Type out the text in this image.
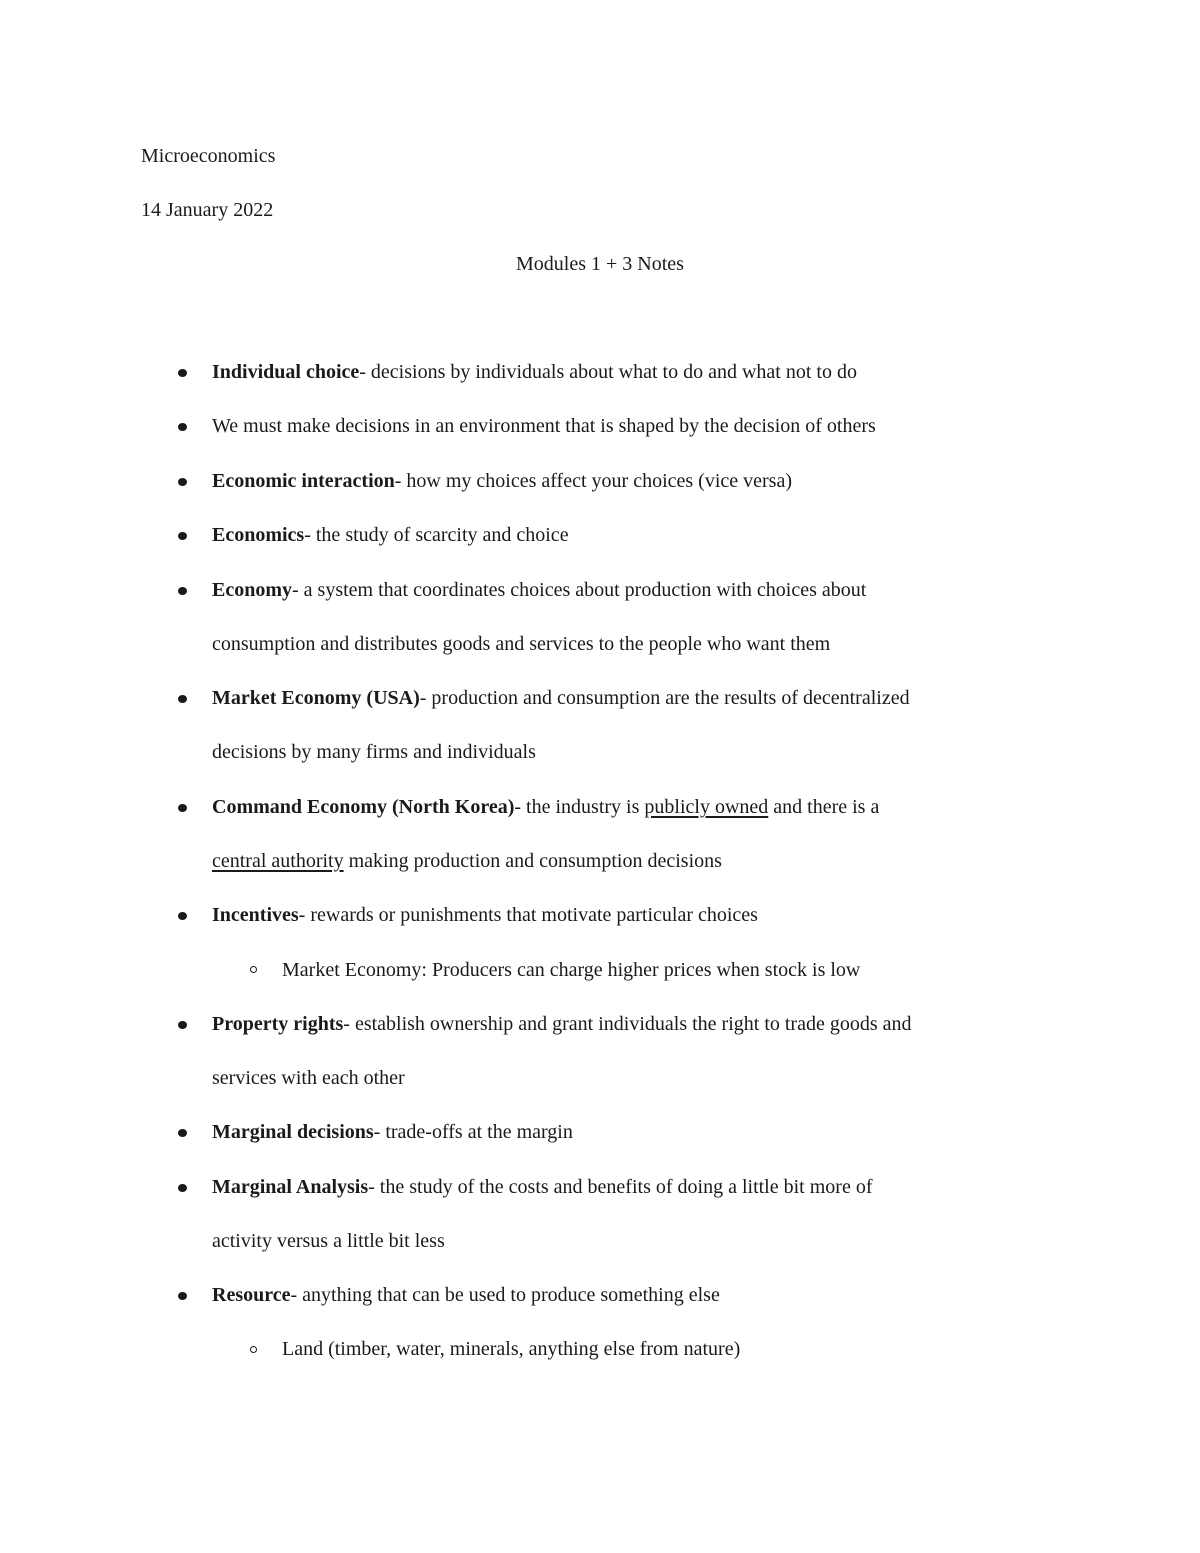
Microeconomics
14 January 2022
Modules 1 + 3 Notes
Individual choice- decisions by individuals about what to do and what not to do
We must make decisions in an environment that is shaped by the decision of others
Economic interaction- how my choices affect your choices (vice versa)
Economics- the study of scarcity and choice
Economy- a system that coordinates choices about production with choices about
consumption and distributes goods and services to the people who want them
Market Economy (USA)- production and consumption are the results of decentralized
decisions by many firms and individuals
Command Economy (North Korea)- the industry is publicly owned and there is a
central authority making production and consumption decisions
Incentives- rewards or punishments that motivate particular choices
Market Economy: Producers can charge higher prices when stock is low
Property rights- establish ownership and grant individuals the right to trade goods and
services with each other
Marginal decisions- trade-offs at the margin
Marginal Analysis- the study of the costs and benefits of doing a little bit more of
activity versus a little bit less
Resource- anything that can be used to produce something else
Land (timber, water, minerals, anything else from nature)
